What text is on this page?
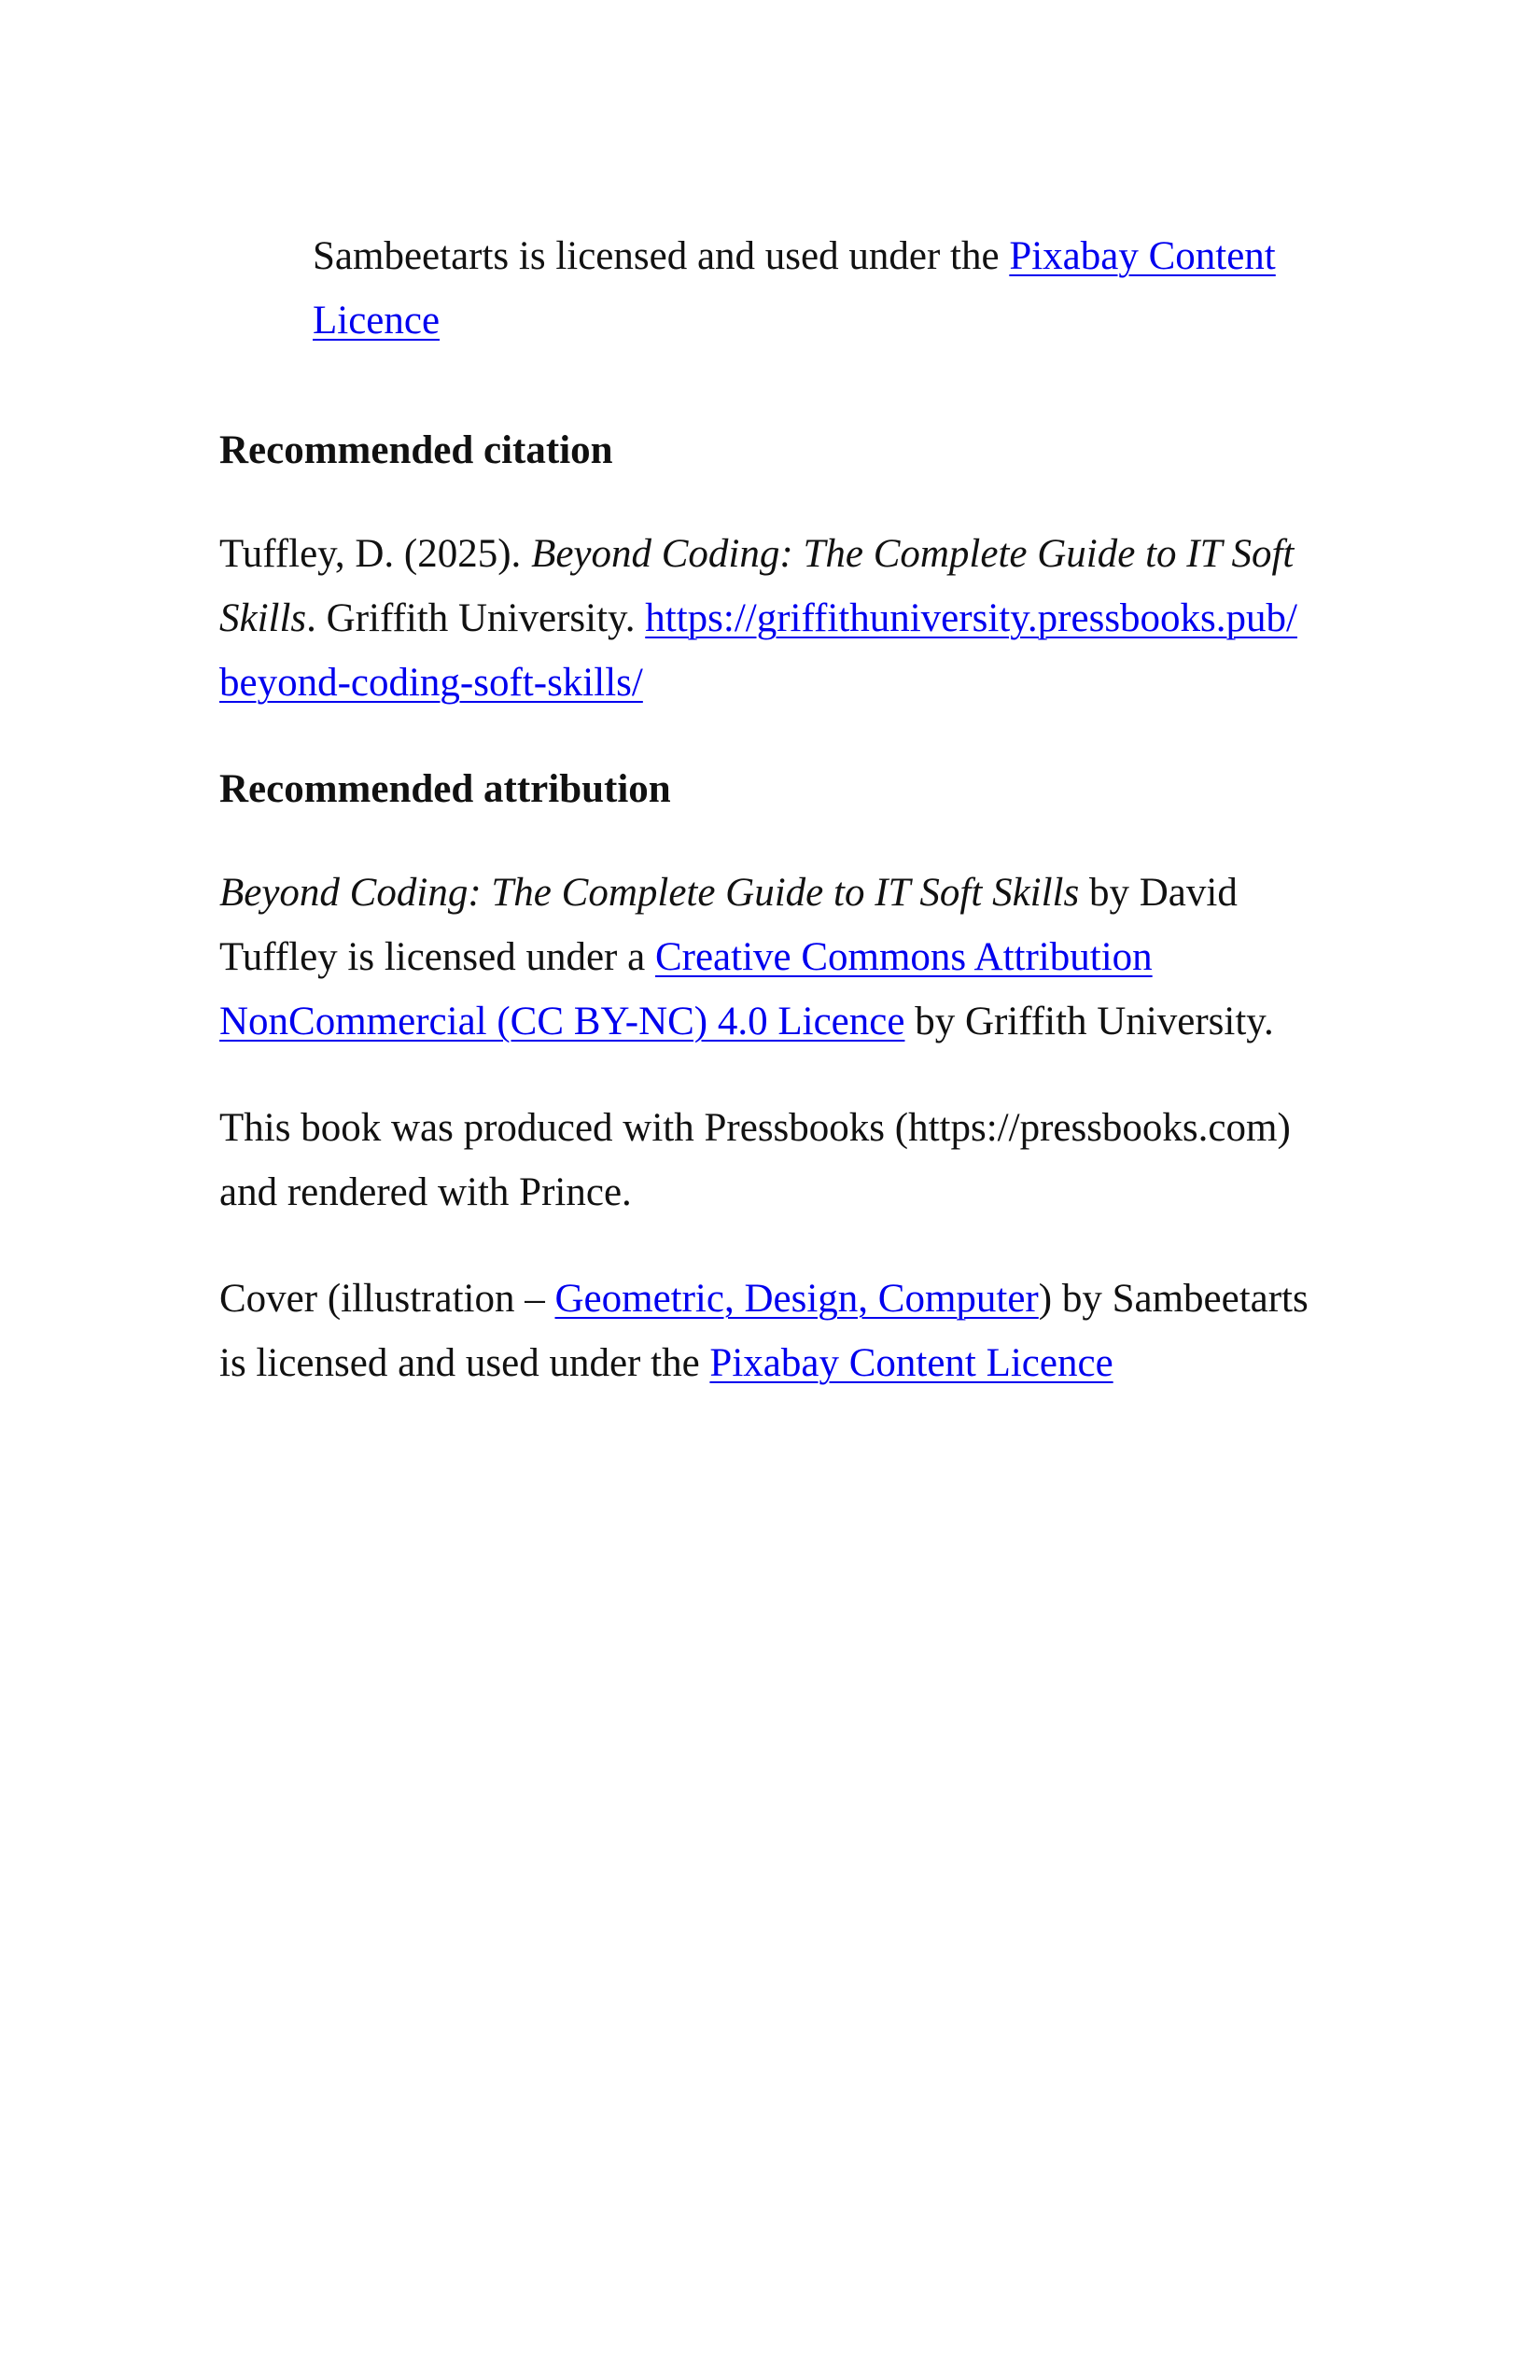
Sambeetarts is licensed and used under the Pixabay Content Licence

Recommended citation

Tuffley, D. (2025). Beyond Coding: The Complete Guide to IT Soft Skills. Griffith University. https://griffithuniversity.pressbooks.pub/
beyond-coding-soft-skills/

Recommended attribution

Beyond Coding: The Complete Guide to IT Soft Skills by David Tuffley is licensed under a Creative Commons Attribution NonCommercial (CC BY-NC) 4.0 Licence by Griffith University.

This book was produced with Pressbooks (https://pressbooks.com) and rendered with Prince.

Cover (illustration – Geometric, Design, Computer) by Sambeetarts is licensed and used under the Pixabay Content Licence
